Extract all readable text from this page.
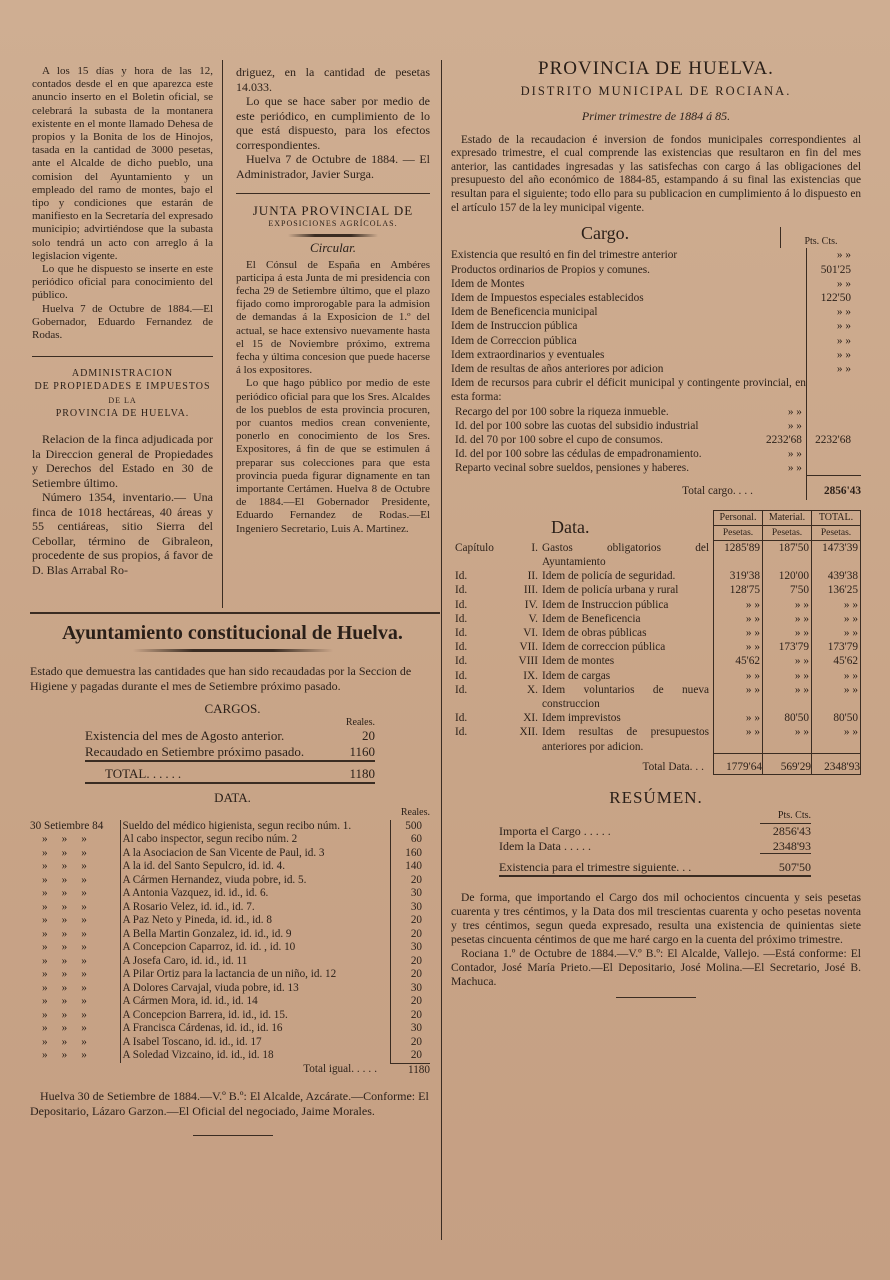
A los 15 días y hora de las 12, contados desde el en que aparezca este anuncio inserto en el Boletin oficial, se celebrará la subasta de la montanera existente en el monte llamado Dehesa de propios y la Bonita de los de Hinojos, tasada en la cantidad de 3000 pesetas, ante el Alcalde de dicho pueblo, una comision del Ayuntamiento y un empleado del ramo de montes, bajo el tipo y condiciones que estarán de manifiesto en la Secretaría del expresado municipio; advirtiéndose que la subasta solo tendrá un acto con arreglo á la legislacion vigente.

Lo que he dispuesto se inserte en este periódico oficial para conocimiento del público.

Huelva 7 de Octubre de 1884.—El Gobernador, Eduardo Fernandez de Rodas.

ADMINISTRACION

DE PROPIEDADES E IMPUESTOS

DE LA

PROVINCIA DE HUELVA.

Relacion de la finca adjudicada por la Direccion general de Propiedades y Derechos del Estado en 30 de Setiembre último.

Número 1354, inventario.— Una finca de 1018 hectáreas, 40 áreas y 55 centiáreas, sitio Sierra del Cebollar, término de Gibraleon, procedente de sus propios, á favor de D. Blas Arrabal Ro-

driguez, en la cantidad de pesetas 14.033.

Lo que se hace saber por medio de este periódico, en cumplimiento de lo que está dispuesto, para los efectos correspondientes.

Huelva 7 de Octubre de 1884. — El Administrador, Javier Surga.

JUNTA PROVINCIAL DE

EXPOSICIONES AGRÍCOLAS.

Circular.

El Cónsul de España en Ambéres participa á esta Junta de mi presidencia con fecha 29 de Setiembre último, que el plazo fijado como improrogable para la admision de demandas á la Exposicion de 1.º del actual, se hace extensivo nuevamente hasta el 15 de Noviembre próximo, extrema fecha y última concesion que puede hacerse á los expositores.

Lo que hago público por medio de este periódico oficial para que los Sres. Alcaldes de los pueblos de esta provincia procuren, por cuantos medios crean conveniente, ponerlo en conocimiento de los Sres. Expositores, á fin de que se estimulen á preparar sus colecciones para que esta provincia pueda figurar dignamente en tan importante Certámen. Huelva 8 de Octubre de 1884.—El Gobernador Presidente, Eduardo Fernandez de Rodas.—El Ingeniero Secretario, Luis A. Martinez.

Ayuntamiento constitucional de Huelva.

Estado que demuestra las cantidades que han sido recaudadas por la Seccion de Higiene y pagadas durante el mes de Setiembre próximo pasado.

CARGOS.

	Reales.
Existencia del mes de Agosto anterior.	20
Recaudado en Setiembre próximo pasado.	1160

TOTAL. .....	1180

DATA.

		Reales.
30 Setiembre 84	Sueldo del médico higienista, segun recibo núm. 1.	500
»»»	Al cabo inspector, segun recibo núm. 2	60
»»»	A la Asociacion de San Vicente de Paul, id. 3	160
»»»	A la id. del Santo Sepulcro, id. id. 4.	140
»»»	A Cármen Hernandez, viuda pobre, id. 5.	20
»»»	A Antonia Vazquez, id. id., id. 6.	30
»»»	A Rosario Velez, id. id., id. 7.	30
»»»	A Paz Neto y Pineda, id. id., id. 8	20
»»»	A Bella Martin Gonzalez, id. id., id. 9	20
»»»	A Concepcion Caparroz, id. id. , id. 10	30
»»»	A Josefa Caro, id. id., id. 11	20
»»»	A Pilar Ortiz para la lactancia de un niño, id. 12	20
»»»	A Dolores Carvajal, viuda pobre, id. 13	30
»»»	A Cármen Mora, id. id., id. 14	20
»»»	A Concepcion Barrera, id. id., id. 15.	20
»»»	A Francisca Cárdenas, id. id., id. 16	30
»»»	A Isabel Toscano, id. id., id. 17	20
»»»	A Soledad Vizcaino, id. id., id. 18	20
	Total igual. ....	1180

Huelva 30 de Setiembre de 1884.—V.º B.º: El Alcalde, Azcárate.—Conforme: El Depositario, Lázaro Garzon.—El Oficial del negociado, Jaime Morales.

PROVINCIA DE HUELVA.

DISTRITO MUNICIPAL DE ROCIANA.

Primer trimestre de 1884 á 85.

Estado de la recaudacion é inversion de fondos municipales correspondientes al expresado trimestre, el cual comprende las existencias que resultaron en fin del mes anterior, las cantidades ingresadas y las satisfechas con cargo á las obligaciones del presupuesto del año económico de 1884-85, estampando á su final las existencias que resultan para el siguiente; todo ello para su publicacion en cumplimiento á lo dispuesto en el artículo 157 de la ley municipal vigente.

Cargo.	Pts. Cts.

Existencia que resultó en fin del trimestre anterior		» »
Productos ordinarios de Propios y comunes.		501'25
Idem de Montes		» »
Idem de Impuestos especiales establecidos		122'50
Idem de Beneficencia municipal		» »
Idem de Instruccion pública		» »
Idem de Correccion pública		» »
Idem extraordinarios y eventuales		» »
Idem de resultas de años anteriores por adicion		» »
Idem de recursos para cubrir el déficit municipal y contingente provincial, en esta forma:		
Recargo del por 100 sobre la riqueza inmueble.	» »	
Id. del por 100 sobre las cuotas del subsidio industrial	» »	
Id. del 70 por 100 sobre el cupo de consumos.	2232'68	2232'68
Id. del por 100 sobre las cédulas de empadronamiento.	» »	
Reparto vecinal sobre sueldos, pensiones y haberes.	» »	
Total cargo. ...		2856'43
Data.			Personal.	Material.	TOTAL.
			Pesetas.	Pesetas.	Pesetas.
Capítulo	I.	Gastos obligatorios del Ayuntamiento	1285'89	187'50	1473'39
Id.	II.	Idem de policía de seguridad.	319'38	120'00	439'38
Id.	III.	Idem de policía urbana y rural	128'75	7'50	136'25
Id.	IV.	Idem de Instruccion pública	» »	» »	» »
Id.	V.	Idem de Beneficencia	» »	» »	» »
Id.	VI.	Idem de obras públicas	» »	» »	» »
Id.	VII.	Idem de correccion pública	» »	173'79	173'79
Id.	VIII	Idem de montes	45'62	» »	45'62
Id.	IX.	Idem de cargas	» »	» »	» »
Id.	X.	Idem voluntarios de nueva construccion	» »	» »	» »
Id.	XI.	Idem imprevistos	» »	80'50	80'50
Id.	XII.	Idem resultas de presupuestos anteriores por adicion.	» »	» »	» »
Total Data. ..			1779'64	569'29	2348'93

RESÚMEN.

	Pts. Cts.
Importa el Cargo .....	2856'43
Idem la Data .....	2348'93
Existencia para el trimestre siguiente. ..	507'50

De forma, que importando el Cargo dos mil ochocientos cincuenta y seis pesetas cuarenta y tres céntimos, y la Data dos mil trescientas cuarenta y ocho pesetas noventa y tres céntimos, segun queda expresado, resulta una existencia de quinientas siete pesetas cincuenta céntimos de que me haré cargo en la cuenta del próximo trimestre.

Rociana 1.º de Octubre de 1884.—V.º B.º: El Alcalde, Vallejo. —Está conforme: El Contador, José María Prieto.—El Depositario, José Molina.—El Secretario, José B. Machuca.
